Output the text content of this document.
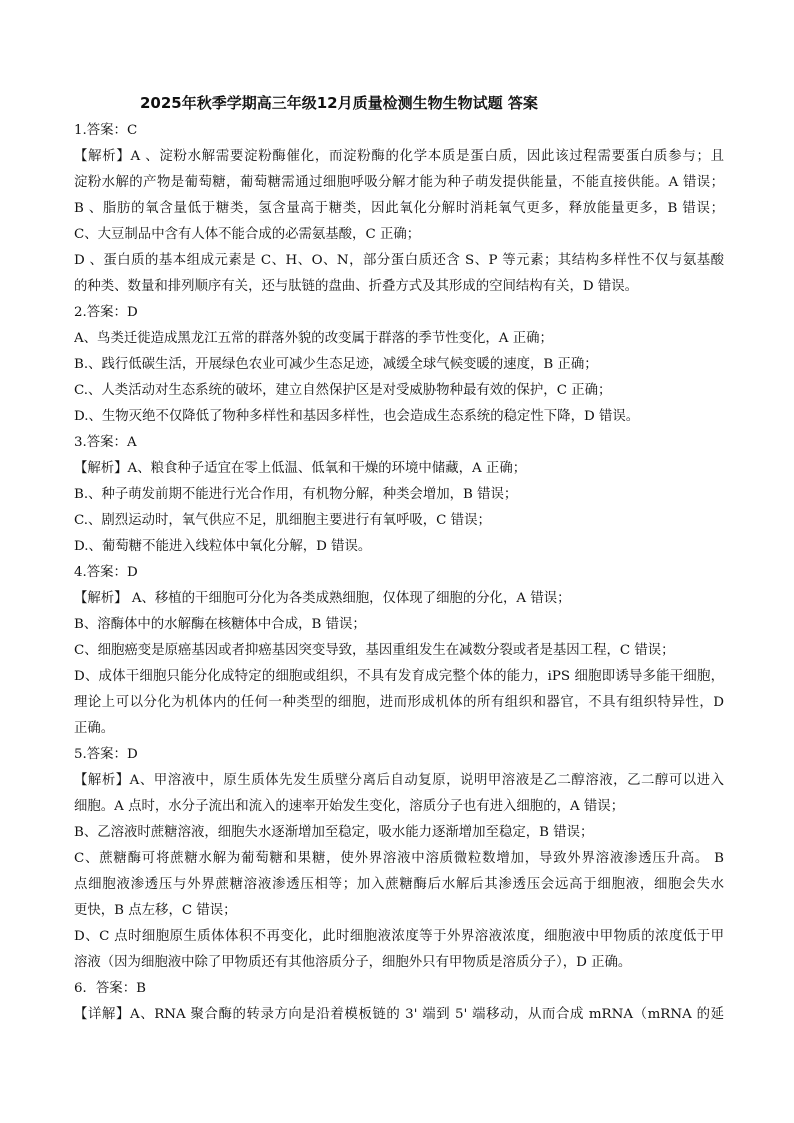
2025年秋季学期高三年级12月质量检测生物生物试题 答案
1.答案：C
【解析】A 、淀粉水解需要淀粉酶催化，而淀粉酶的化学本质是蛋白质，因此该过程需要蛋白质参与；且
淀粉水解的产物是葡萄糖，葡萄糖需通过细胞呼吸分解才能为种子萌发提供能量，不能直接供能。A 错误；
B 、脂肪的氧含量低于糖类，氢含量高于糖类，因此氧化分解时消耗氧气更多，释放能量更多，B 错误；
C、大豆制品中含有人体不能合成的必需氨基酸，C 正确；
D 、蛋白质的基本组成元素是 C、H、O、N，部分蛋白质还含 S、P 等元素；其结构多样性不仅与氨基酸
的种类、数量和排列顺序有关，还与肽链的盘曲、折叠方式及其形成的空间结构有关，D 错误。
2.答案：D
A、鸟类迁徙造成黑龙江五常的群落外貌的改变属于群落的季节性变化，A 正确；
B.、践行低碳生活，开展绿色农业可减少生态足迹，减缓全球气候变暖的速度，B 正确；
C.、人类活动对生态系统的破坏，建立自然保护区是对受威胁物种最有效的保护，C 正确；
D.、生物灭绝不仅降低了物种多样性和基因多样性，也会造成生态系统的稳定性下降，D 错误。
3.答案：A
【解析】A、粮食种子适宜在零上低温、低氧和干燥的环境中储藏，A 正确；
B.、种子萌发前期不能进行光合作用，有机物分解，种类会增加，B 错误；
C.、剧烈运动时，氧气供应不足，肌细胞主要进行有氧呼吸，C 错误；
D.、葡萄糖不能进入线粒体中氧化分解，D 错误。
4.答案：D
【解析】 A、移植的干细胞可分化为各类成熟细胞，仅体现了细胞的分化，A 错误；
B、溶酶体中的水解酶在核糖体中合成，B 错误；
C、细胞癌变是原癌基因或者抑癌基因突变导致，基因重组发生在减数分裂或者是基因工程，C 错误；
D、成体干细胞只能分化成特定的细胞或组织，不具有发育成完整个体的能力，iPS 细胞即诱导多能干细胞，
理论上可以分化为机体内的任何一种类型的细胞，进而形成机体的所有组织和器官，不具有组织特异性，D
正确。
5.答案：D
【解析】A、甲溶液中，原生质体先发生质壁分离后自动复原，说明甲溶液是乙二醇溶液，乙二醇可以进入
细胞。A 点时，水分子流出和流入的速率开始发生变化，溶质分子也有进入细胞的，A 错误；
B、乙溶液时蔗糖溶液，细胞失水逐渐增加至稳定，吸水能力逐渐增加至稳定，B 错误；
C、蔗糖酶可将蔗糖水解为葡萄糖和果糖，使外界溶液中溶质微粒数增加，导致外界溶液渗透压升高。 B
点细胞液渗透压与外界蔗糖溶液渗透压相等；加入蔗糖酶后水解后其渗透压会远高于细胞液，细胞会失水
更快，B 点左移，C 错误；
D、C 点时细胞原生质体体积不再变化，此时细胞液浓度等于外界溶液浓度，细胞液中甲物质的浓度低于甲
溶液（因为细胞液中除了甲物质还有其他溶质分子，细胞外只有甲物质是溶质分子），D 正确。
6．答案：B
【详解】A、RNA 聚合酶的转录方向是沿着模板链的 3' 端到 5' 端移动，从而合成 mRNA（mRNA 的延
